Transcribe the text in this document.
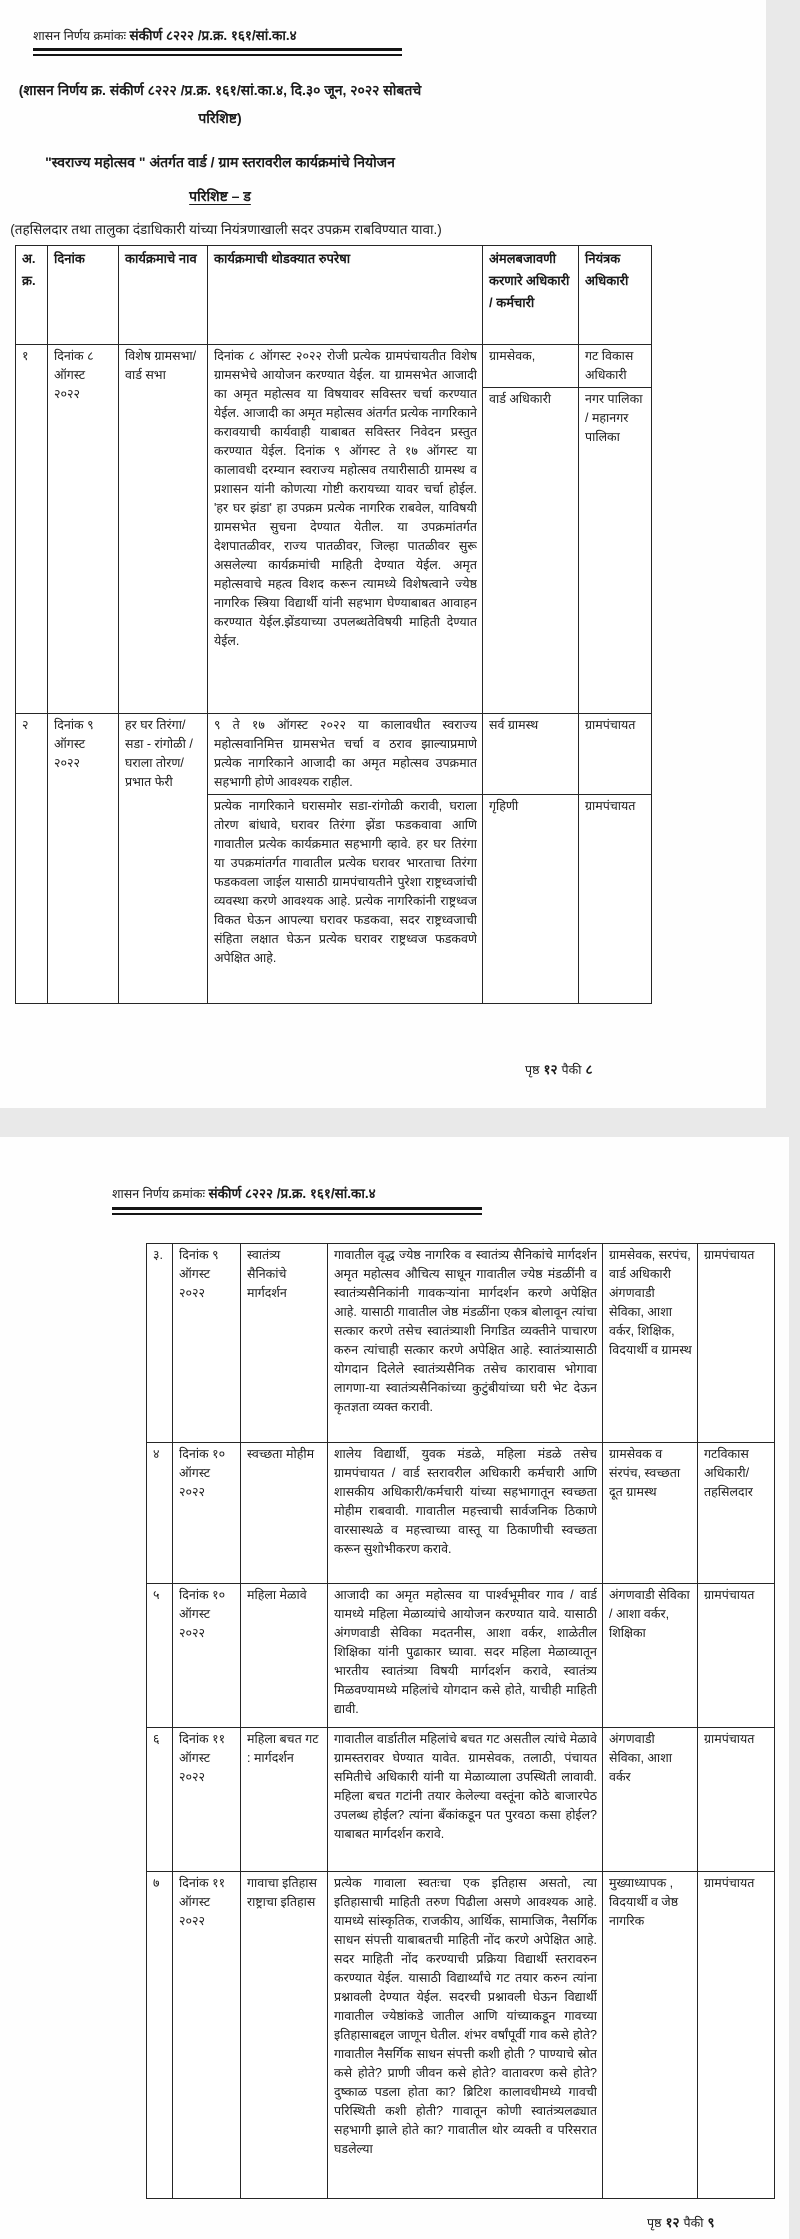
शासन निर्णय क्रमांकः संकीर्ण ८२२२ /प्र.क्र. १६१/सां.का.४
(शासन निर्णय क्र. संकीर्ण ८२२२ /प्र.क्र. १६१/सां.का.४, दि.३० जून, २०२२ सोबतचे
परिशिष्ट)
"स्वराज्य महोत्सव " अंतर्गत वार्ड / ग्राम स्तरावरील कार्यक्रमांचे नियोजन
परिशिष्ट – ड
(तहसिलदार तथा तालुका दंडाधिकारी यांच्या नियंत्रणाखाली सदर उपक्रम राबविण्यात यावा.)
अ. क्र.	दिनांक	कार्यक्रमाचे नाव	कार्यक्रमाची थोडक्यात रुपरेषा	अंमलबजावणी करणारे अधिकारी / कर्मचारी	नियंत्रक अधिकारी
१	दिनांक ८ ऑगस्ट २०२२	विशेष ग्रामसभा/ वार्ड सभा	दिनांक ८ ऑगस्ट २०२२ रोजी प्रत्येक ग्रामपंचायतीत विशेष ग्रामसभेचे आयोजन करण्यात येईल. या ग्रामसभेत आजादी का अमृत महोत्सव या विषयावर सविस्तर चर्चा करण्यात येईल. आजादी का अमृत महोत्सव अंतर्गत प्रत्येक नागरिकाने करावयाची कार्यवाही याबाबत सविस्तर निवेदन प्रस्तुत करण्यात येईल. दिनांक ९ ऑगस्ट ते १७ ऑगस्ट या कालावधी दरम्यान स्वराज्य महोत्सव तयारीसाठी ग्रामस्थ व प्रशासन यांनी कोणत्या गोष्टी करायच्या यावर चर्चा होईल. 'हर घर झंडा' हा उपक्रम प्रत्येक नागरिक राबवेल, याविषयी ग्रामसभेत सुचना देण्यात येतील. या उपक्रमांतर्गत देशपातळीवर, राज्य पातळीवर, जिल्हा पातळीवर सुरू असलेल्या कार्यक्रमांची माहिती देण्यात येईल. अमृत महोत्सवाचे महत्व विशद करून त्यामध्ये विशेषत्वाने ज्येष्ठ नागरिक स्त्रिया विद्यार्थी यांनी सहभाग घेण्याबाबत आवाहन करण्यात येईल.झेंडयाच्या उपलब्धतेविषयी माहिती देण्यात येईल.	ग्रामसेवक,	गट विकास अधिकारी
				वार्ड अधिकारी	नगर पालिका / महानगर पालिका
२	दिनांक ९ ऑगस्ट २०२२	हर घर तिरंगा/ सडा - रांगोळी / घराला तोरण/ प्रभात फेरी	९ ते १७ ऑगस्ट २०२२ या कालावधीत स्वराज्य महोत्सवानिमित्त ग्रामसभेत चर्चा व ठराव झाल्याप्रमाणे प्रत्येक नागरिकाने आजादी का अमृत महोत्सव उपक्रमात सहभागी होणे आवश्यक राहील.	सर्व ग्रामस्थ	ग्रामपंचायत

			प्रत्येक नागरिकाने घरासमोर सडा-रांगोळी करावी, घराला तोरण बांधावे, घरावर तिरंगा झेंडा फडकवावा आणि गावातील प्रत्येक कार्यक्रमात सहभागी व्हावे. हर घर तिरंगा या उपक्रमांतर्गत गावातील प्रत्येक घरावर भारताचा तिरंगा फडकवला जाईल यासाठी ग्रामपंचायतीने पुरेशा राष्ट्रध्वजांची व्यवस्था करणे आवश्यक आहे. प्रत्येक नागरिकांनी राष्ट्रध्वज विकत घेऊन आपल्या घरावर फडकवा, सदर राष्ट्रध्वजाची संहिता लक्षात घेऊन प्रत्येक घरावर राष्ट्रध्वज फडकवणे अपेक्षित आहे.	गृहिणी	ग्रामपंचायत
पृष्ठ १२ पैकी ८
शासन निर्णय क्रमांकः संकीर्ण ८२२२ /प्र.क्र. १६१/सां.का.४
३.	दिनांक ९ ऑगस्ट २०२२	स्वातंत्र्य सैनिकांचे मार्गदर्शन	गावातील वृद्ध ज्येष्ठ नागरिक व स्वातंत्र्य सैनिकांचे मार्गदर्शन अमृत महोत्सव औचित्य साधून गावातील ज्येष्ठ मंडळींनी व स्वातंत्र्यसैनिकांनी गावकऱ्यांना मार्गदर्शन करणे अपेक्षित आहे. यासाठी गावातील जेष्ठ मंडळींना एकत्र बोलावून त्यांचा सत्कार करणे तसेच स्वातंत्र्याशी निगडित व्यक्तीने पाचारण करुन त्यांचाही सत्कार करणे अपेक्षित आहे. स्वातंत्र्यासाठी योगदान दिलेले स्वातंत्र्यसैनिक तसेच कारावास भोगावा लागणा-या स्वातंत्र्यसैनिकांच्या कुटुंबीयांच्या घरी भेट देऊन कृतज्ञता व्यक्त करावी.	ग्रामसेवक, सरपंच, वार्ड अधिकारी अंगणवाडी सेविका, आशा वर्कर, शिक्षिक, विदयार्थी व ग्रामस्थ	ग्रामपंचायत
४	दिनांक १० ऑगस्ट २०२२	स्वच्छता मोहीम	शालेय विद्यार्थी, युवक मंडळे, महिला मंडळे तसेच ग्रामपंचायत / वार्ड स्तरावरील अधिकारी कर्मचारी आणि शासकीय अधिकारी/कर्मचारी यांच्या सहभागातून स्वच्छता मोहीम राबवावी. गावातील महत्त्वाची सार्वजनिक ठिकाणे वारसास्थळे व महत्त्वाच्या वास्तू या ठिकाणीची स्वच्छता करून सुशोभीकरण करावे.	ग्रामसेवक व संरपंच, स्वच्छता दूत ग्रामस्थ	गटविकास अधिकारी/ तहसिलदार
५	दिनांक १० ऑगस्ट २०२२	महिला मेळावे	आजादी का अमृत महोत्सव या पार्श्वभूमीवर गाव / वार्ड यामध्ये महिला मेळाव्यांचे आयोजन करण्यात यावे. यासाठी अंगणवाडी सेविका मदतनीस, आशा वर्कर, शाळेतील शिक्षिका यांनी पुढाकार घ्यावा. सदर महिला मेळाव्यातून भारतीय स्वातंत्र्या विषयी मार्गदर्शन करावे, स्वातंत्र्य मिळवण्यामध्ये महिलांचे योगदान कसे होते, याचीही माहिती द्यावी.	अंगणवाडी सेविका / आशा वर्कर, शिक्षिका	ग्रामपंचायत
६	दिनांक ११ ऑगस्ट २०२२	महिला बचत गट : मार्गदर्शन	गावातील वार्डातील महिलांचे बचत गट असतील त्यांचे मेळावे ग्रामस्तरावर घेण्यात यावेत. ग्रामसेवक, तलाठी, पंचायत समितीचे अधिकारी यांनी या मेळाव्याला उपस्थिती लावावी. महिला बचत गटांनी तयार केलेल्या वस्तूंना कोठे बाजारपेठ उपलब्ध होईल? त्यांना बँकांकडून पत पुरवठा कसा होईल? याबाबत मार्गदर्शन करावे.	अंगणवाडी सेविका, आशा वर्कर	ग्रामपंचायत
७	दिनांक ११ ऑगस्ट २०२२	गावाचा इतिहास राष्ट्राचा इतिहास	प्रत्येक गावाला स्वतःचा एक इतिहास असतो, त्या इतिहासाची माहिती तरुण पिढीला असणे आवश्यक आहे. यामध्ये सांस्कृतिक, राजकीय, आर्थिक, सामाजिक, नैसर्गिक साधन संपत्ती याबाबतची माहिती नोंद करणे अपेक्षित आहे. सदर माहिती नोंद करण्याची प्रक्रिया विद्यार्थी स्तरावरुन करण्यात येईल. यासाठी विद्यार्थ्यांचे गट तयार करुन त्यांना प्रश्नावली देण्यात येईल. सदरची प्रश्नावली घेऊन विद्यार्थी गावातील ज्येष्ठांकडे जातील आणि यांच्याकडून गावच्या इतिहासाबद्दल जाणून घेतील. शंभर वर्षांपूर्वी गाव कसे होते? गावातील नैसर्गिक साधन संपत्ती कशी होती ? पाण्याचे स्रोत कसे होते? प्राणी जीवन कसे होते? वातावरण कसे होते? दुष्काळ पडला होता का? ब्रिटिश कालावधीमध्ये गावची परिस्थिती कशी होती? गावातून कोणी स्वातंत्र्यलढ्यात सहभागी झाले होते का? गावातील थोर व्यक्ती व परिसरात घडलेल्या	मुख्याध्यापक , विदयार्थी व जेष्ठ नागरिक	ग्रामपंचायत
पृष्ठ १२ पैकी ९
